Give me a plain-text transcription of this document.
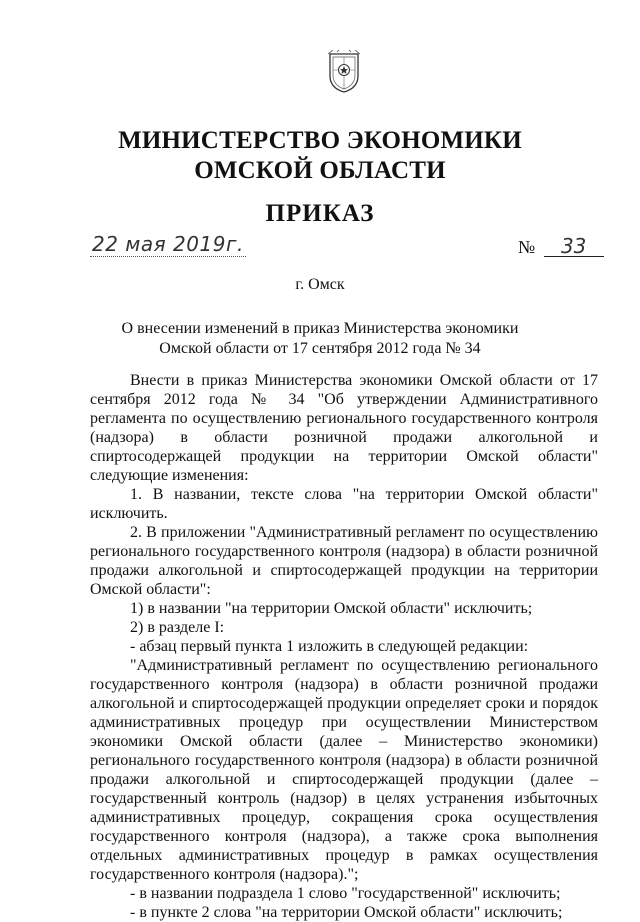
МИНИСТЕРСТВО ЭКОНОМИКИ
ОМСКОЙ ОБЛАСТИ
ПРИКАЗ
22 мая 2019г.	№ 33
г. Омск
О внесении изменений в приказ Министерства экономики
Омской области от 17 сентября 2012 года № 34

Внести в приказ Министерства экономики Омской области от 17 сентября 2012 года № 34 "Об утверждении Административного регламента по осуществлению регионального государственного контроля (надзора) в области розничной продажи алкогольной и спиртосодержащей продукции на территории Омской области" следующие изменения:

1. В названии, тексте слова "на территории Омской области" исключить.

2. В приложении "Административный регламент по осуществлению регионального государственного контроля (надзора) в области розничной продажи алкогольной и спиртосодержащей продукции на территории Омской области":

1) в названии "на территории Омской области" исключить;

2) в разделе I:

- абзац первый пункта 1 изложить в следующей редакции:

"Административный регламент по осуществлению регионального государственного контроля (надзора) в области розничной продажи алкогольной и спиртосодержащей продукции определяет сроки и порядок административных процедур при осуществлении Министерством экономики Омской области (далее – Министерство экономики) регионального государственного контроля (надзора) в области розничной продажи алкогольной и спиртосодержащей продукции (далее – государственный контроль (надзор) в целях устранения избыточных административных процедур, сокращения срока осуществления государственного контроля (надзора), а также срока выполнения отдельных административных процедур в рамках осуществления государственного контроля (надзора).";

- в названии подраздела 1 слово "государственной" исключить;

- в пункте 2 слова "на территории Омской области" исключить;
